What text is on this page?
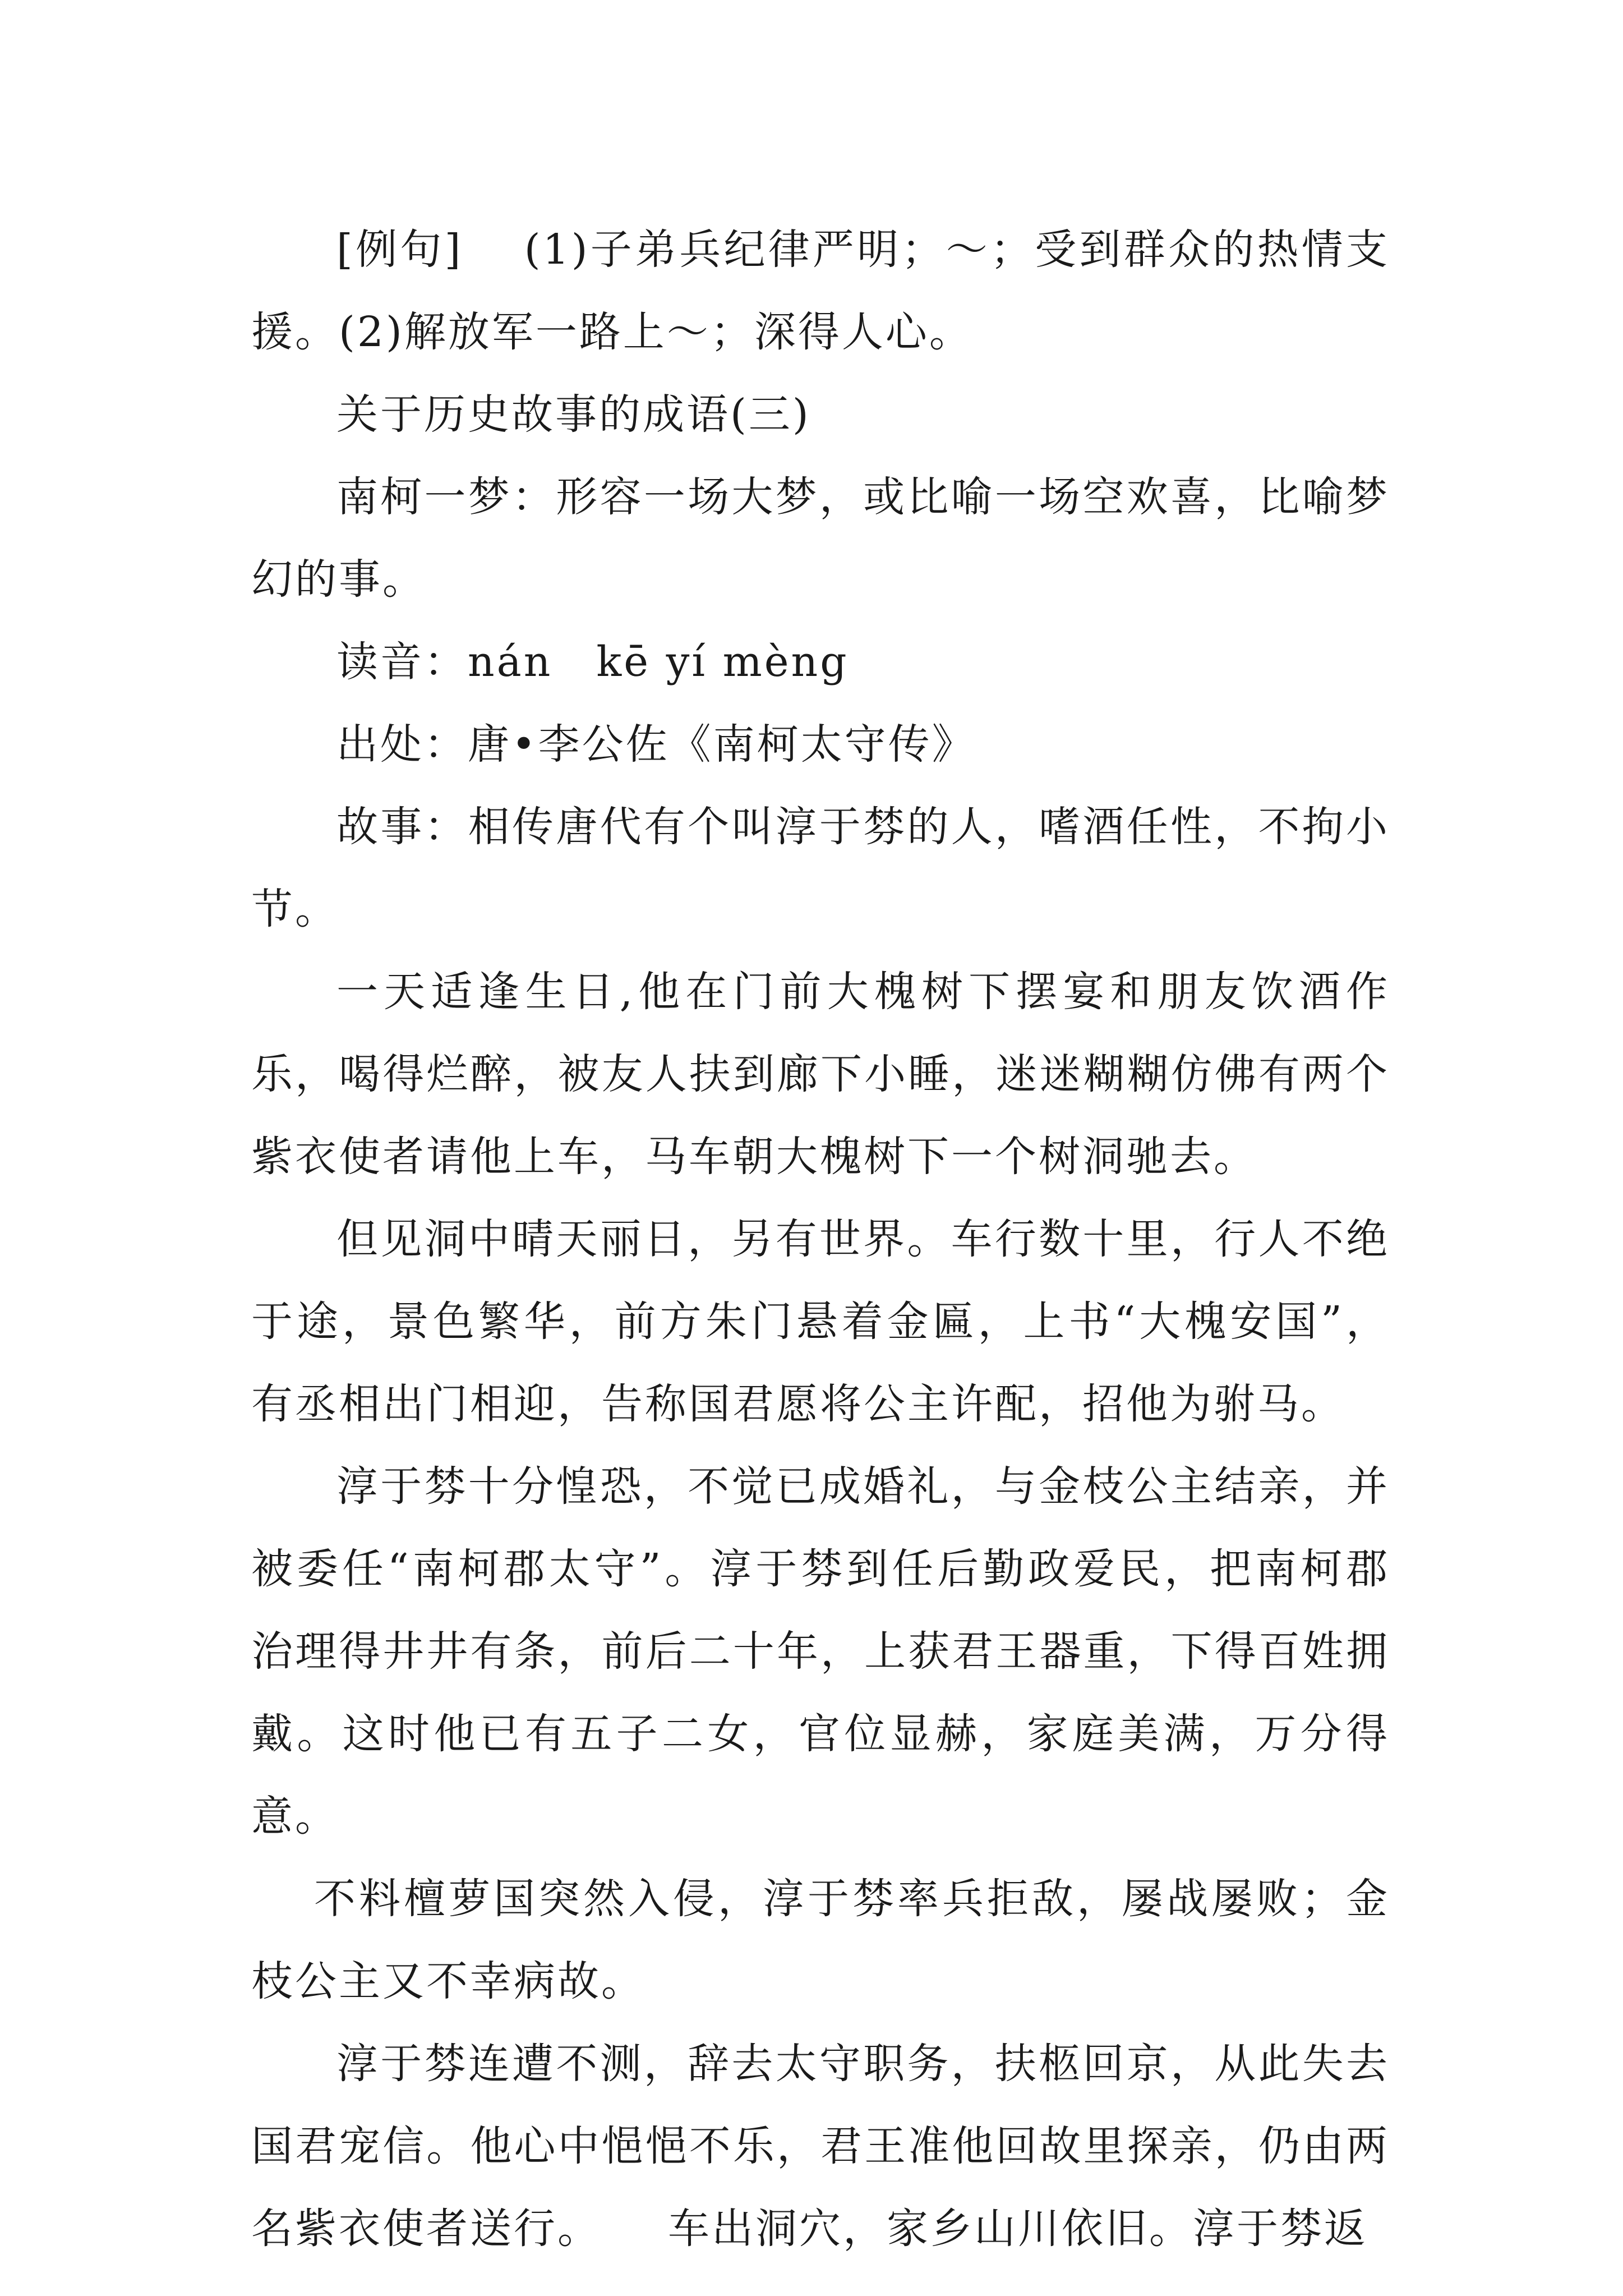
[例句]　 (1)子弟兵纪律严明；～；受到群众的热情支援。(2)解放军一路上～；深得人心。

关于历史故事的成语(三)

南柯一梦：形容一场大梦，或比喻一场空欢喜，比喻梦幻的事。

读音：nán　kē yí mèng

出处：唐•李公佐《南柯太守传》

故事：相传唐代有个叫淳于棼的人，嗜酒任性，不拘小节。

一天适逢生日,他在门前大槐树下摆宴和朋友饮酒作乐，喝得烂醉，被友人扶到廊下小睡，迷迷糊糊仿佛有两个紫衣使者请他上车，马车朝大槐树下一个树洞驰去。

但见洞中晴天丽日，另有世界。车行数十里，行人不绝于途，景色繁华，前方朱门悬着金匾，上书“大槐安国”，有丞相出门相迎，告称国君愿将公主许配，招他为驸马。

淳于棼十分惶恐，不觉已成婚礼，与金枝公主结亲，并被委任“南柯郡太守”。淳于棼到任后勤政爱民，把南柯郡治理得井井有条，前后二十年，上获君王器重，下得百姓拥戴。这时他已有五子二女，官位显赫，家庭美满，万分得意。

不料檀萝国突然入侵，淳于棼率兵拒敌，屡战屡败；金枝公主又不幸病故。

淳于棼连遭不测，辞去太守职务，扶柩回京，从此失去国君宠信。他心中悒悒不乐，君王准他回故里探亲，仍由两名紫衣使者送行。　　车出洞穴，家乡山川依旧。淳于棼返
